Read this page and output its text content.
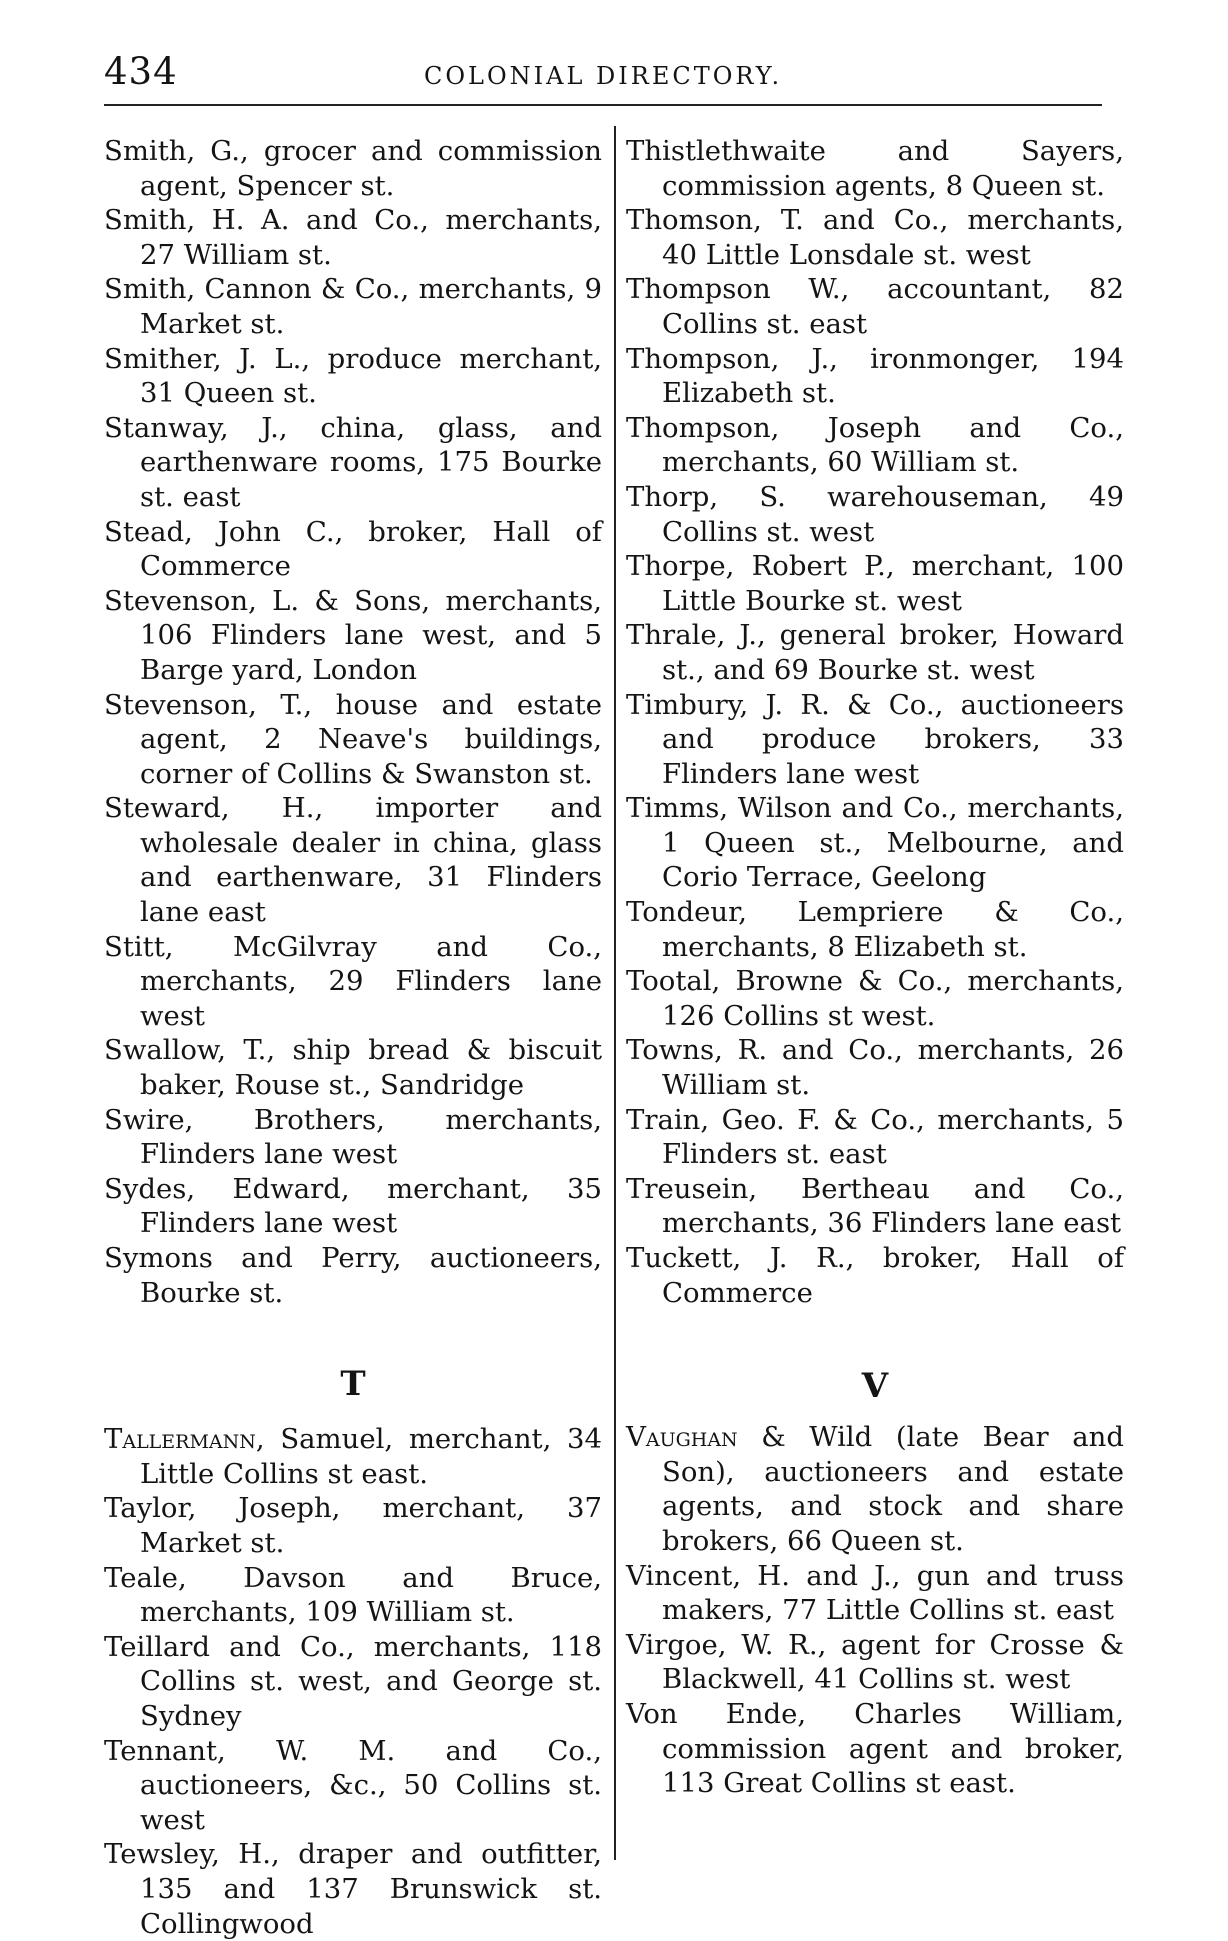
434	COLONIAL DIRECTORY.

Smith, G., grocer and commission agent, Spencer st.

Smith, H. A. and Co., merchants, 27 William st.

Smith, Cannon & Co., merchants, 9 Market st.

Smither, J. L., produce merchant, 31 Queen st.

Stanway, J., china, glass, and earthenware rooms, 175 Bourke st. east

Stead, John C., broker, Hall of Commerce

Stevenson, L. & Sons, merchants, 106 Flinders lane west, and 5 Barge yard, London

Stevenson, T., house and estate agent, 2 Neave's buildings, corner of Collins & Swanston st.

Steward, H., importer and wholesale dealer in china, glass and earthenware, 31 Flinders lane east

Stitt, McGilvray and Co., merchants, 29 Flinders lane west

Swallow, T., ship bread & biscuit baker, Rouse st., Sandridge

Swire, Brothers, merchants, Flinders lane west

Sydes, Edward, merchant, 35 Flinders lane west

Symons and Perry, auctioneers, Bourke st.

T

Tallermann, Samuel, merchant, 34 Little Collins st east.

Taylor, Joseph, merchant, 37 Market st.

Teale, Davson and Bruce, merchants, 109 William st.

Teillard and Co., merchants, 118 Collins st. west, and George st. Sydney

Tennant, W. M. and Co., auctioneers, &c., 50 Collins st. west

Tewsley, H., draper and outfitter, 135 and 137 Brunswick st. Collingwood

Thistlethwaite and Sayers, commission agents, 8 Queen st.

Thomson, T. and Co., merchants, 40 Little Lonsdale st. west

Thompson W., accountant, 82 Collins st. east

Thompson, J., ironmonger, 194 Elizabeth st.

Thompson, Joseph and Co., merchants, 60 William st.

Thorp, S. warehouseman, 49 Collins st. west

Thorpe, Robert P., merchant, 100 Little Bourke st. west

Thrale, J., general broker, Howard st., and 69 Bourke st. west

Timbury, J. R. & Co., auctioneers and produce brokers, 33 Flinders lane west

Timms, Wilson and Co., merchants, 1 Queen st., Melbourne, and Corio Terrace, Geelong

Tondeur, Lempriere & Co., merchants, 8 Elizabeth st.

Tootal, Browne & Co., merchants, 126 Collins st west.

Towns, R. and Co., merchants, 26 William st.

Train, Geo. F. & Co., merchants, 5 Flinders st. east

Treusein, Bertheau and Co., merchants, 36 Flinders lane east

Tuckett, J. R., broker, Hall of Commerce

V

Vaughan & Wild (late Bear and Son), auctioneers and estate agents, and stock and share brokers, 66 Queen st.

Vincent, H. and J., gun and truss makers, 77 Little Collins st. east

Virgoe, W. R., agent for Crosse & Blackwell, 41 Collins st. west

Von Ende, Charles William, commission agent and broker, 113 Great Collins st east.
